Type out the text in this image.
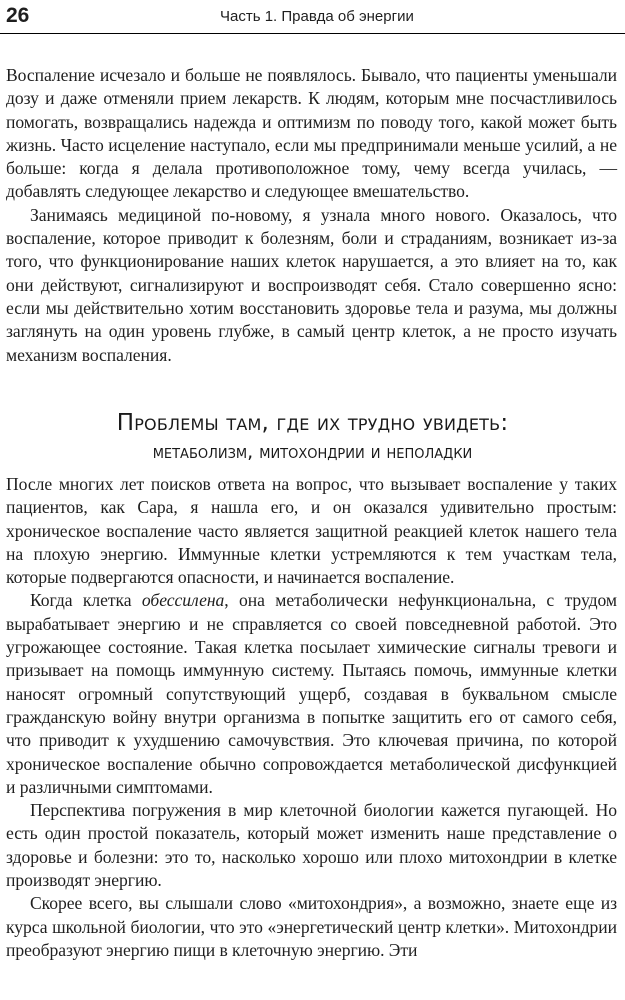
26	Часть 1. Правда об энергии

Воспаление исчезало и больше не появлялось. Бывало, что пациенты уменьшали дозу и даже отменяли прием лекарств. К людям, которым мне посчастливилось помогать, возвращались надежда и оптимизм по поводу того, какой может быть жизнь. Часто исцеление наступало, если мы предпринимали меньше усилий, а не больше: когда я делала противоположное тому, чему всегда училась, — добавлять следующее лекарство и следующее вмешательство.

Занимаясь медициной по-новому, я узнала много нового. Оказалось, что воспаление, которое приводит к болезням, боли и страданиям, возникает из-за того, что функционирование наших клеток нарушается, а это влияет на то, как они действуют, сигнализируют и воспроизводят себя. Стало совершенно ясно: если мы действительно хотим восстановить здоровье тела и разума, мы должны заглянуть на один уровень глубже, в самый центр клеток, а не просто изучать механизм воспаления.

Проблемы там, где их трудно увидеть:
метаболизм, митохондрии и неполадки

После многих лет поисков ответа на вопрос, что вызывает воспаление у таких пациентов, как Сара, я нашла его, и он оказался удивительно простым: хроническое воспаление часто является защитной реакцией клеток нашего тела на плохую энергию. Иммунные клетки устремляются к тем участкам тела, которые подвергаются опасности, и начинается воспаление.

Когда клетка обессилена, она метаболически нефункциональна, с трудом вырабатывает энергию и не справляется со своей повседневной работой. Это угрожающее состояние. Такая клетка посылает химические сигналы тревоги и призывает на помощь иммунную систему. Пытаясь помочь, иммунные клетки наносят огромный сопутствующий ущерб, создавая в буквальном смысле гражданскую войну внутри организма в попытке защитить его от самого себя, что приводит к ухудшению самочувствия. Это ключевая причина, по которой хроническое воспаление обычно сопровождается метаболической дисфункцией и различными симптомами.

Перспектива погружения в мир клеточной биологии кажется пугающей. Но есть один простой показатель, который может изменить наше представление о здоровье и болезни: это то, насколько хорошо или плохо митохондрии в клетке производят энергию.

Скорее всего, вы слышали слово «митохондрия», а возможно, знаете еще из курса школьной биологии, что это «энергетический центр клетки». Митохондрии преобразуют энергию пищи в клеточную энергию. Эти
